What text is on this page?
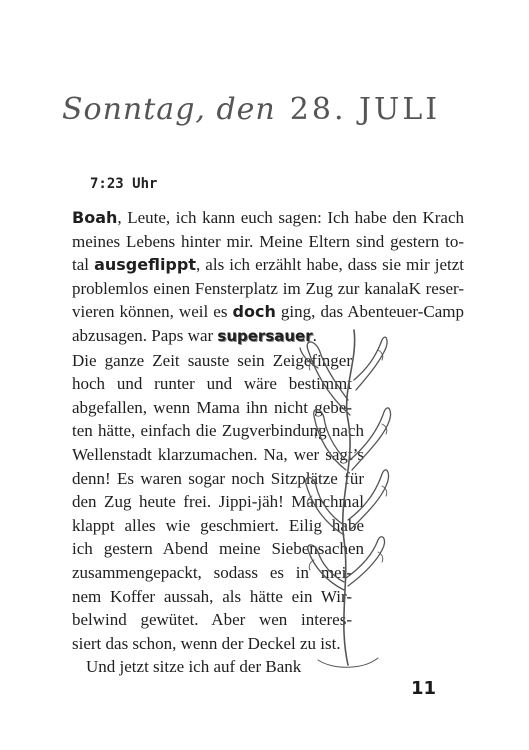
Sonntag, den 28. JULI
7:23 Uhr
Boah, Leute, ich kann euch sagen: Ich habe den Krach
meines Lebens hinter mir. Meine Eltern sind gestern to-
tal ausgeflippt, als ich erzählt habe, dass sie mir jetzt
problemlos einen Fensterplatz im Zug zur kanalaK reser-
vieren können, weil es doch ging, das Abenteuer-Camp
abzusagen. Paps war supersauer.
Die ganze Zeit sauste sein Zeigefinger
hoch und runter und wäre bestimmt
abgefallen, wenn Mama ihn nicht gebe-
ten hätte, einfach die Zugverbindung nach
Wellenstadt klarzumachen. Na, wer sagt’s
denn! Es waren sogar noch Sitzplätze für
den Zug heute frei. Jippi-jäh! Manchmal
klappt alles wie geschmiert. Eilig habe
ich gestern Abend meine Siebensachen
zusammengepackt, sodass es in mei-
nem Koffer aussah, als hätte ein Wir-
belwind gewütet. Aber wen interes-
siert das schon, wenn der Deckel zu ist.
Und jetzt sitze ich auf der Bank
11
